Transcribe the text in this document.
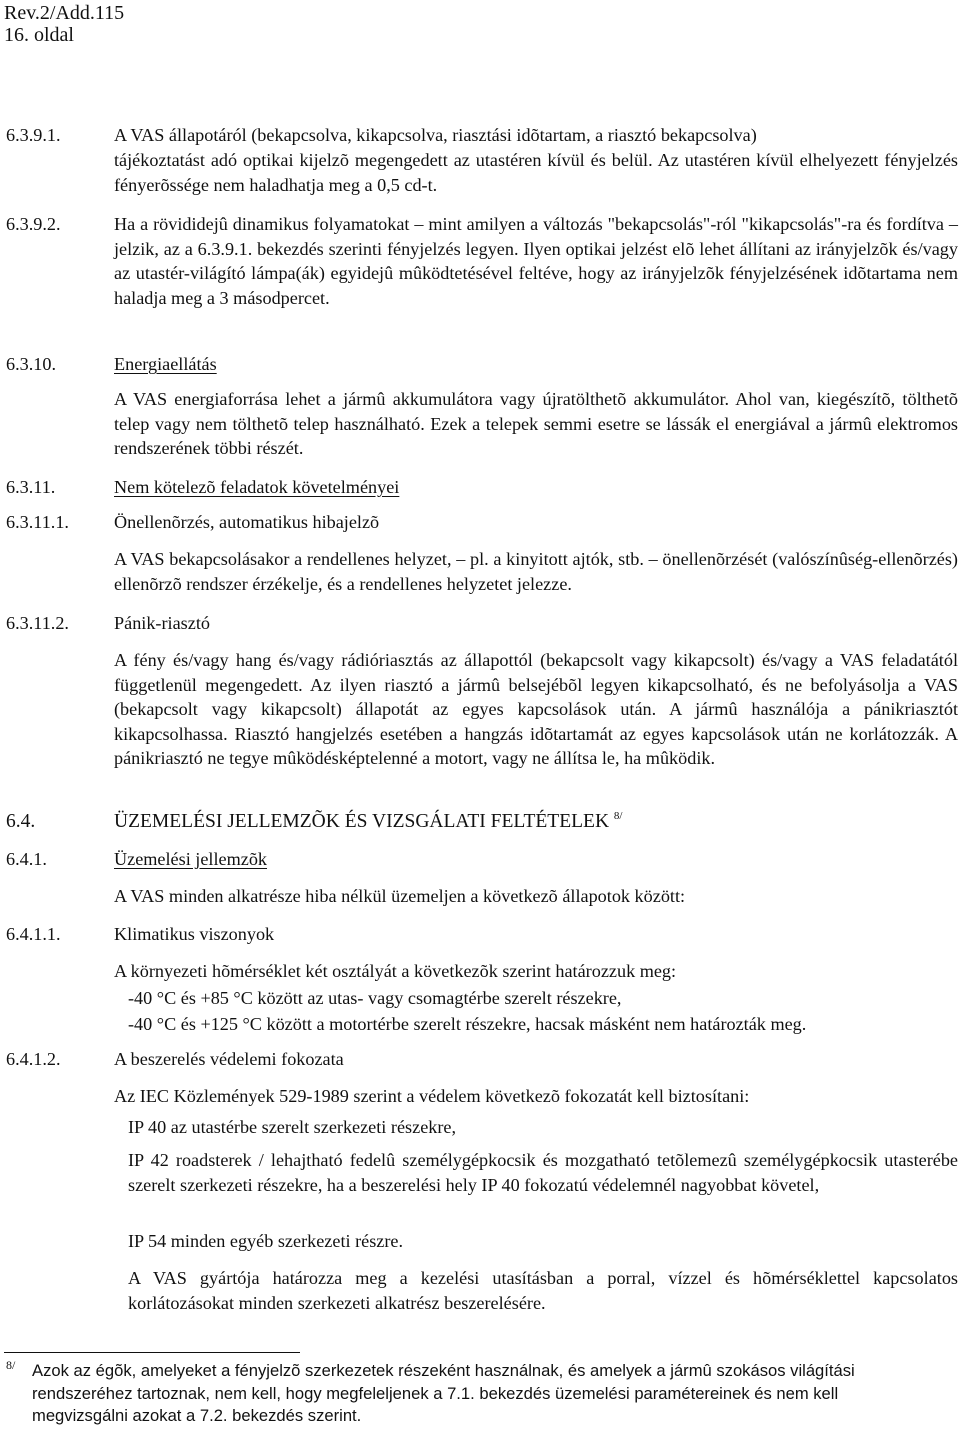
Rev.2/Add.115
16. oldal
6.3.9.1.	A VAS állapotáról (bekapcsolva, kikapcsolva, riasztási idõtartam, a riasztó bekapcsolva)
tájékoztatást adó optikai kijelzõ megengedett az utastéren kívül és belül. Az utastéren kívül elhelyezett fényjelzés fényerõssége nem haladhatja meg a 0,5 cd-t.
6.3.9.2.	Ha a rövididejû dinamikus folyamatokat – mint amilyen a változás "bekapcsolás"-ról "kikapcsolás"-ra és fordítva – jelzik, az a 6.3.9.1. bekezdés szerinti fényjelzés legyen. Ilyen optikai jelzést elõ lehet állítani az irányjelzõk és/vagy az utastér-világító lámpa(ák) egyidejû mûködtetésével feltéve, hogy az irányjelzõk fényjelzésének idõtartama nem haladja meg a 3 másodpercet.
6.3.10.	Energiaellátás
A VAS energiaforrása lehet a jármû akkumulátora vagy újratölthetõ akkumulátor. Ahol van, kiegészítõ, tölthetõ telep vagy nem tölthetõ telep használható. Ezek a telepek semmi esetre se lássák el energiával a jármû elektromos rendszerének többi részét.
6.3.11.	Nem kötelezõ feladatok követelményei
6.3.11.1. Önellenõrzés, automatikus hibajelzõ
A VAS bekapcsolásakor a rendellenes helyzet, – pl. a kinyitott ajtók, stb. – önellenõrzését (valószínûség-ellenõrzés) ellenõrzõ rendszer érzékelje, és a rendellenes helyzetet jelezze.
6.3.11.2. Pánik-riasztó
A fény és/vagy hang és/vagy rádióriasztás az állapottól (bekapcsolt vagy kikapcsolt) és/vagy a VAS feladatától függetlenül megengedett. Az ilyen riasztó a jármû belsejébõl legyen kikapcsolható, és ne befolyásolja a VAS (bekapcsolt vagy kikapcsolt) állapotát az egyes kapcsolások után. A jármû használója a pánikriasztót kikapcsolhassa. Riasztó hangjelzés esetében a hangzás idõtartamát az egyes kapcsolások után ne korlátozzák. A pánikriasztó ne tegye mûködésképtelenné a motort, vagy ne állítsa le, ha mûködik.
6.4.	ÜZEMELÉSI JELLEMZÕK ÉS VIZSGÁLATI FELTÉTELEK $^{8/}$
6.4.1.	Üzemelési jellemzõk
A VAS minden alkatrésze hiba nélkül üzemeljen a következõ állapotok között:
6.4.1.1.	Klimatikus viszonyok
A környezeti hõmérséklet két osztályát a következõk szerint határozzuk meg:
-40 °C és +85 °C között az utas- vagy csomagtérbe szerelt részekre,
-40 °C és +125 °C között a motortérbe szerelt részekre, hacsak másként nem határozták meg.
6.4.1.2.	A beszerelés védelemi fokozata
Az IEC Közlemények 529-1989 szerint a védelem következõ fokozatát kell biztosítani:
IP 40 az utastérbe szerelt szerkezeti részekre,
IP 42 roadsterek / lehajtható fedelû személygépkocsik és mozgatható tetõlemezû személygépkocsik utasterébe szerelt szerkezeti részekre, ha a beszerelési hely IP 40 fokozatú védelemnél nagyobbat követel,
IP 54 minden egyéb szerkezeti részre.
A VAS gyártója határozza meg a kezelési utasításban a porral, vízzel és hõmérséklettel kapcsolatos korlátozásokat minden szerkezeti alkatrész beszerelésére.
8/ Azok az égõk, amelyeket a fényjelzõ szerkezetek részeként használnak, és amelyek a jármû szokásos világítási rendszeréhez tartoznak, nem kell, hogy megfeleljenek a 7.1. bekezdés üzemelési paramétereinek és nem kell megvizsgálni azokat a 7.2. bekezdés szerint.
